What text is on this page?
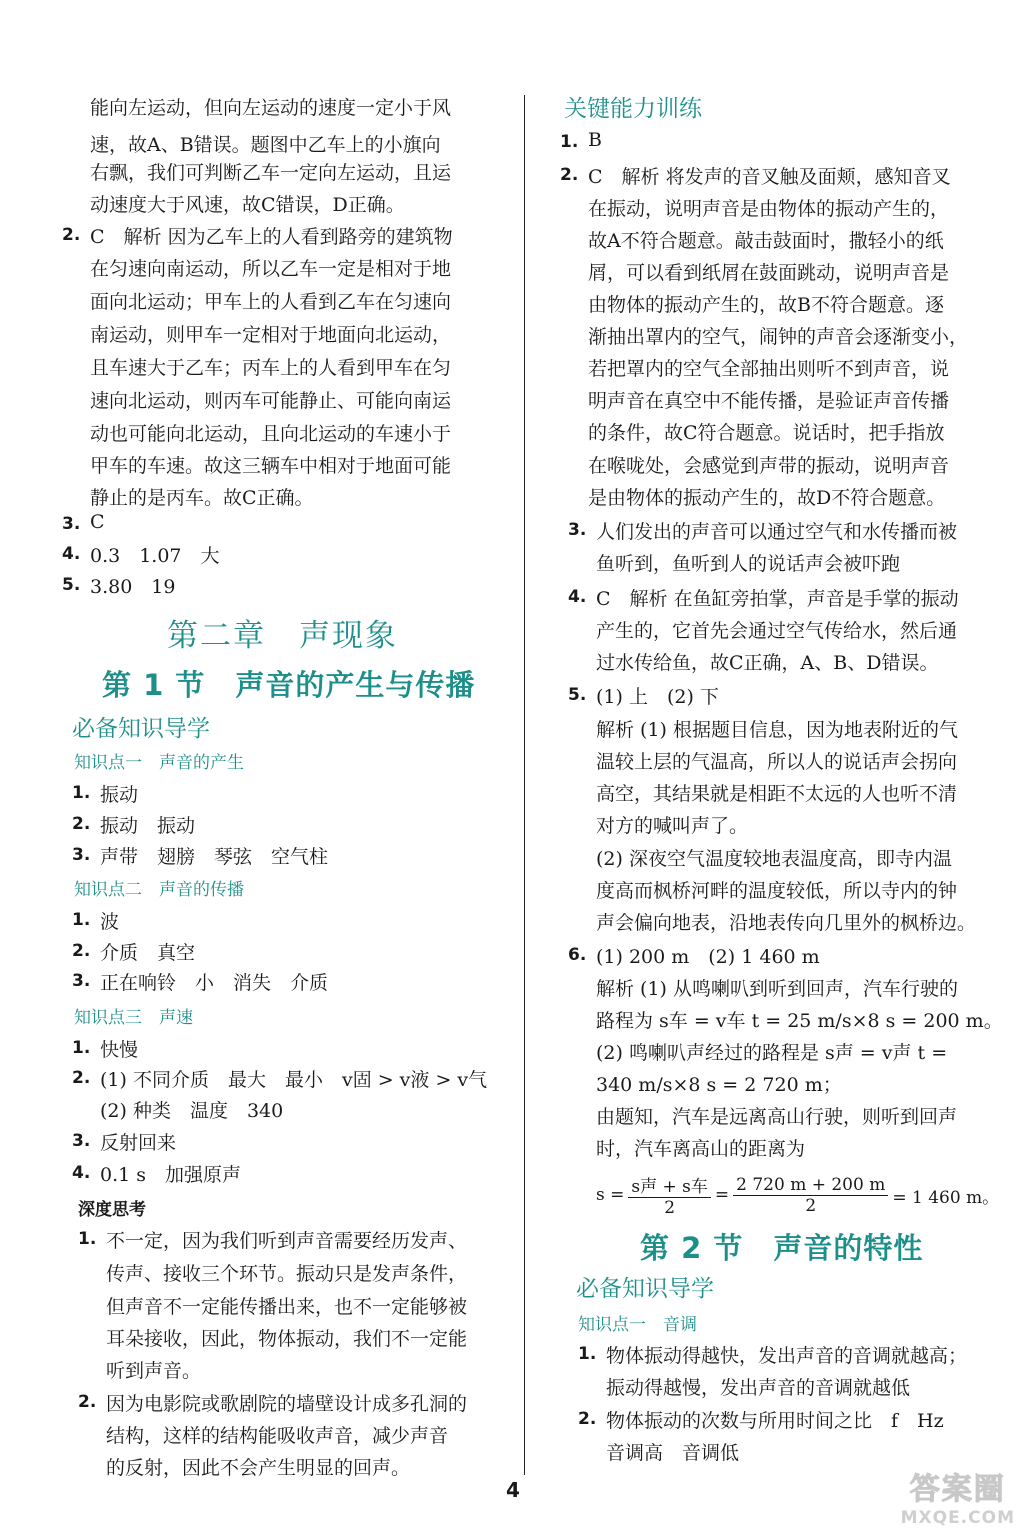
能向左运动，但向左运动的速度一定小于风
速，故A、B错误。题图中乙车上的小旗向
右飘，我们可判断乙车一定向左运动，且运
动速度大于风速，故C错误，D正确。
2. C　解析 因为乙车上的人看到路旁的建筑物
在匀速向南运动，所以乙车一定是相对于地
面向北运动；甲车上的人看到乙车在匀速向
南运动，则甲车一定相对于地面向北运动，
且车速大于乙车；丙车上的人看到甲车在匀
速向北运动，则丙车可能静止、可能向南运
动也可能向北运动，且向北运动的车速小于
甲车的车速。故这三辆车中相对于地面可能
静止的是丙车。故C正确。
3. C
4. 0.3　1.07　大
5. 3.80　19
第二章　声现象
第 1 节　声音的产生与传播
必备知识导学
知识点一　声音的产生
1. 振动
2. 振动　振动
3. 声带　翅膀　琴弦　空气柱
知识点二　声音的传播
1. 波
2. 介质　真空
3. 正在响铃　小　消失　介质
知识点三　声速
1. 快慢
2. (1) 不同介质　最大　最小　v固 > v液 > v气
(2) 种类　温度　340
3. 反射回来
4. 0.1 s　加强原声
深度思考
1. 不一定，因为我们听到声音需要经历发声、
传声、接收三个环节。振动只是发声条件，
但声音不一定能传播出来，也不一定能够被
耳朵接收，因此，物体振动，我们不一定能
听到声音。
2. 因为电影院或歌剧院的墙壁设计成多孔洞的
结构，这样的结构能吸收声音，减少声音
的反射，因此不会产生明显的回声。
关键能力训练
1. B
2. C　解析 将发声的音叉触及面颊，感知音叉
在振动，说明声音是由物体的振动产生的，
故A不符合题意。敲击鼓面时，撒轻小的纸
屑，可以看到纸屑在鼓面跳动，说明声音是
由物体的振动产生的，故B不符合题意。逐
渐抽出罩内的空气，闹钟的声音会逐渐变小，
若把罩内的空气全部抽出则听不到声音，说
明声音在真空中不能传播，是验证声音传播
的条件，故C符合题意。说话时，把手指放
在喉咙处，会感觉到声带的振动，说明声音
是由物体的振动产生的，故D不符合题意。
3. 人们发出的声音可以通过空气和水传播而被
鱼听到，鱼听到人的说话声会被吓跑
4. C　解析 在鱼缸旁拍掌，声音是手掌的振动
产生的，它首先会通过空气传给水，然后通
过水传给鱼，故C正确，A、B、D错误。
5. (1) 上　(2) 下
解析 (1) 根据题目信息，因为地表附近的气
温较上层的气温高，所以人的说话声会拐向
高空，其结果就是相距不太远的人也听不清
对方的喊叫声了。
(2) 深夜空气温度较地表温度高，即寺内温
度高而枫桥河畔的温度较低，所以寺内的钟
声会偏向地表，沿地表传向几里外的枫桥边。
6. (1) 200 m　(2) 1 460 m
解析 (1) 从鸣喇叭到听到回声，汽车行驶的
路程为 s车 = v车 t = 25 m/s×8 s = 200 m。
(2) 鸣喇叭声经过的路程是 s声 = v声 t =
340 m/s×8 s = 2 720 m；
由题知，汽车是远离高山行驶，则听到回声
时，汽车离高山的距离为
s = s声 + s车
2
= $\frac{2 720 m + 200 m}{2} = 1$ 460 m。
第 2 节　声音的特性
必备知识导学
知识点一　音调
1. 物体振动得越快，发出声音的音调就越高；
振动得越慢，发出声音的音调就越低
2. 物体振动的次数与所用时间之比　f　Hz
音调高　音调低
4	答案圈
MXQE.COM
